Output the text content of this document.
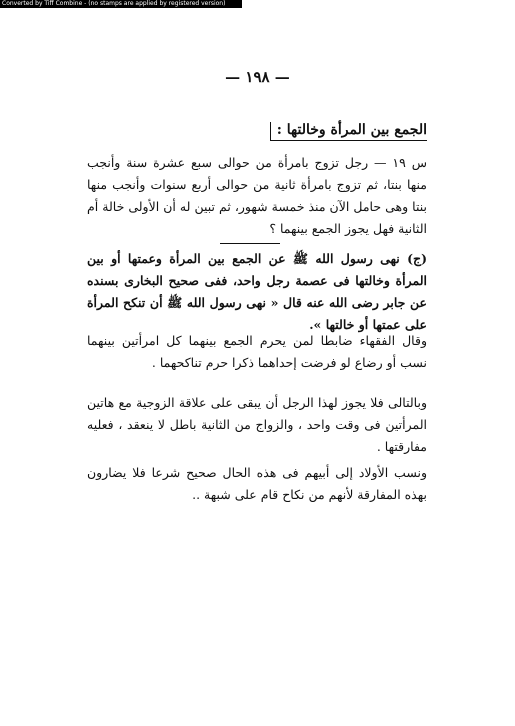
Converted by Tiff Combine - (no stamps are applied by registered version)
— ١٩٨ —
الجمع بين المرأة وخالتها :
س ١٩ — رجل تزوج بامرأة من حوالى سبع عشرة سنة وأنجب منها بنتا، ثم تزوج بامرأة ثانية من حوالى أربع سنوات وأنجب منها بنتا وهى حامل الآن منذ خمسة شهور، ثم تبين له أن الأولى خالة أم الثانية فهل يجوز الجمع بينهما ؟
(ج) نهى رسول الله ﷺ عن الجمع بين المرأة وعمتها أو بين المرأة وخالتها فى عصمة رجل واحد، ففى صحيح البخارى بسنده عن جابر رضى الله عنه قال « نهى رسول الله ﷺ أن تنكح المرأة على عمتها أو خالتها ».
وقال الفقهاء ضابطا لمن يحرم الجمع بينهما كل امرأتين بينهما نسب أو رضاع لو فرضت إحداهما ذكرا حرم تناكحهما .
وبالتالى فلا يجوز لهذا الرجل أن يبقى على علاقة الزوجية مع هاتين المرأتين فى وقت واحد ، والزواج من الثانية باطل لا ينعقد ، فعليه مفارقتها .
ونسب الأولاد إلى أبيهم فى هذه الحال صحيح شرعا فلا يضارون بهذه المفارقة لأنهم من نكاح قام على شبهة ..
